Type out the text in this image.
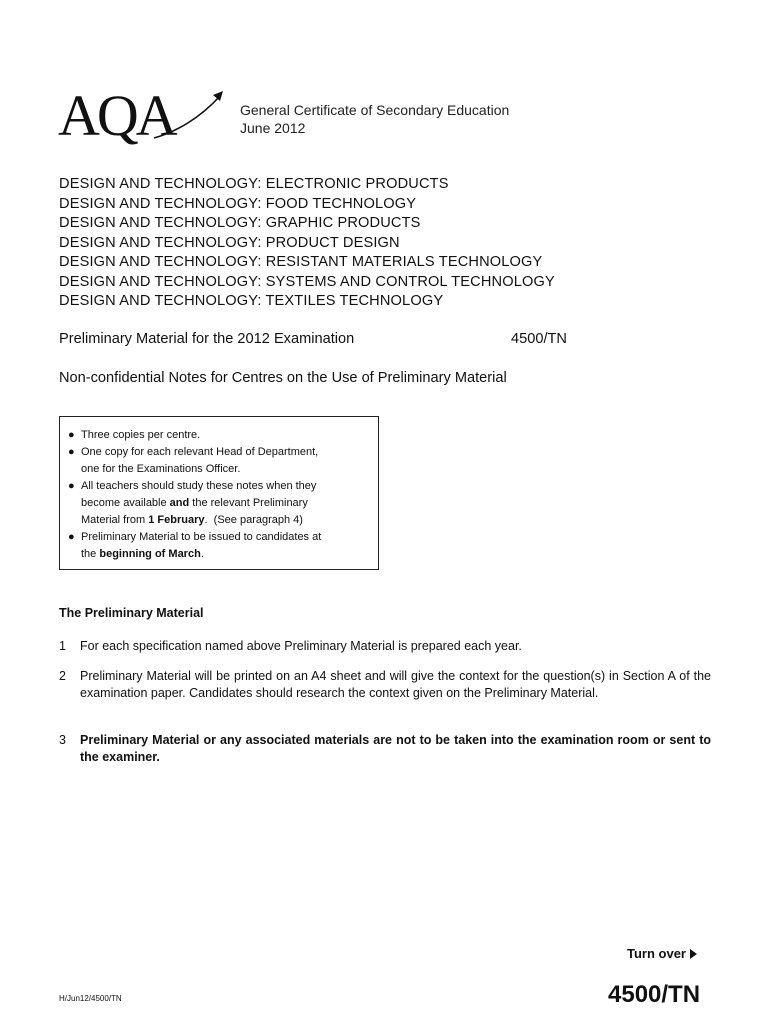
AQA	General Certificate of Secondary Education
June 2012
DESIGN AND TECHNOLOGY: ELECTRONIC PRODUCTS
DESIGN AND TECHNOLOGY: FOOD TECHNOLOGY
DESIGN AND TECHNOLOGY: GRAPHIC PRODUCTS
DESIGN AND TECHNOLOGY: PRODUCT DESIGN
DESIGN AND TECHNOLOGY: RESISTANT MATERIALS TECHNOLOGY
DESIGN AND TECHNOLOGY: SYSTEMS AND CONTROL TECHNOLOGY
DESIGN AND TECHNOLOGY: TEXTILES TECHNOLOGY
Preliminary Material for the 2012 Examination	4500/TN
Non-confidential Notes for Centres on the Use of Preliminary Material
● Three copies per centre.
● One copy for each relevant Head of Department,
one for the Examinations Officer.
● All teachers should study these notes when they
become available and the relevant Preliminary
Material from 1 February.  (See paragraph 4)
● Preliminary Material to be issued to candidates at
the beginning of March.
The Preliminary Material
1 For each specification named above Preliminary Material is prepared each year.
2 Preliminary Material will be printed on an A4 sheet and will give the context for the question(s) in Section A of the examination paper. Candidates should research the context given on the Preliminary Material.
3 Preliminary Material or any associated materials are not to be taken into the examination room or sent to the examiner.
Turn over
H/Jun12/4500/TN	4500/TN
